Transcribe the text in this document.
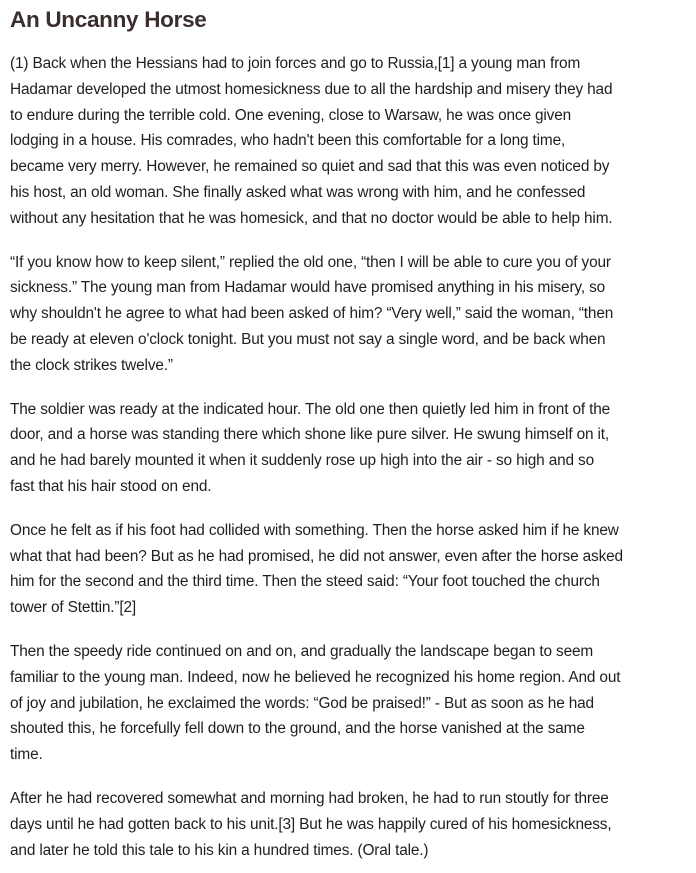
An Uncanny Horse

(1) Back when the Hessians had to join forces and go to Russia,[1] a young man from
Hadamar developed the utmost homesickness due to all the hardship and misery they had
to endure during the terrible cold. One evening, close to Warsaw, he was once given
lodging in a house. His comrades, who hadn't been this comfortable for a long time,
became very merry. However, he remained so quiet and sad that this was even noticed by
his host, an old woman. She finally asked what was wrong with him, and he confessed
without any hesitation that he was homesick, and that no doctor would be able to help him.

“If you know how to keep silent,” replied the old one, “then I will be able to cure you of your
sickness.” The young man from Hadamar would have promised anything in his misery, so
why shouldn't he agree to what had been asked of him? “Very well,” said the woman, “then
be ready at eleven o'clock tonight. But you must not say a single word, and be back when
the clock strikes twelve.”

The soldier was ready at the indicated hour. The old one then quietly led him in front of the
door, and a horse was standing there which shone like pure silver. He swung himself on it,
and he had barely mounted it when it suddenly rose up high into the air - so high and so
fast that his hair stood on end.

Once he felt as if his foot had collided with something. Then the horse asked him if he knew
what that had been? But as he had promised, he did not answer, even after the horse asked
him for the second and the third time. Then the steed said: “Your foot touched the church
tower of Stettin.”[2]

Then the speedy ride continued on and on, and gradually the landscape began to seem
familiar to the young man. Indeed, now he believed he recognized his home region. And out
of joy and jubilation, he exclaimed the words: “God be praised!” - But as soon as he had
shouted this, he forcefully fell down to the ground, and the horse vanished at the same
time.

After he had recovered somewhat and morning had broken, he had to run stoutly for three
days until he had gotten back to his unit.[3] But he was happily cured of his homesickness,
and later he told this tale to his kin a hundred times. (Oral tale.)
